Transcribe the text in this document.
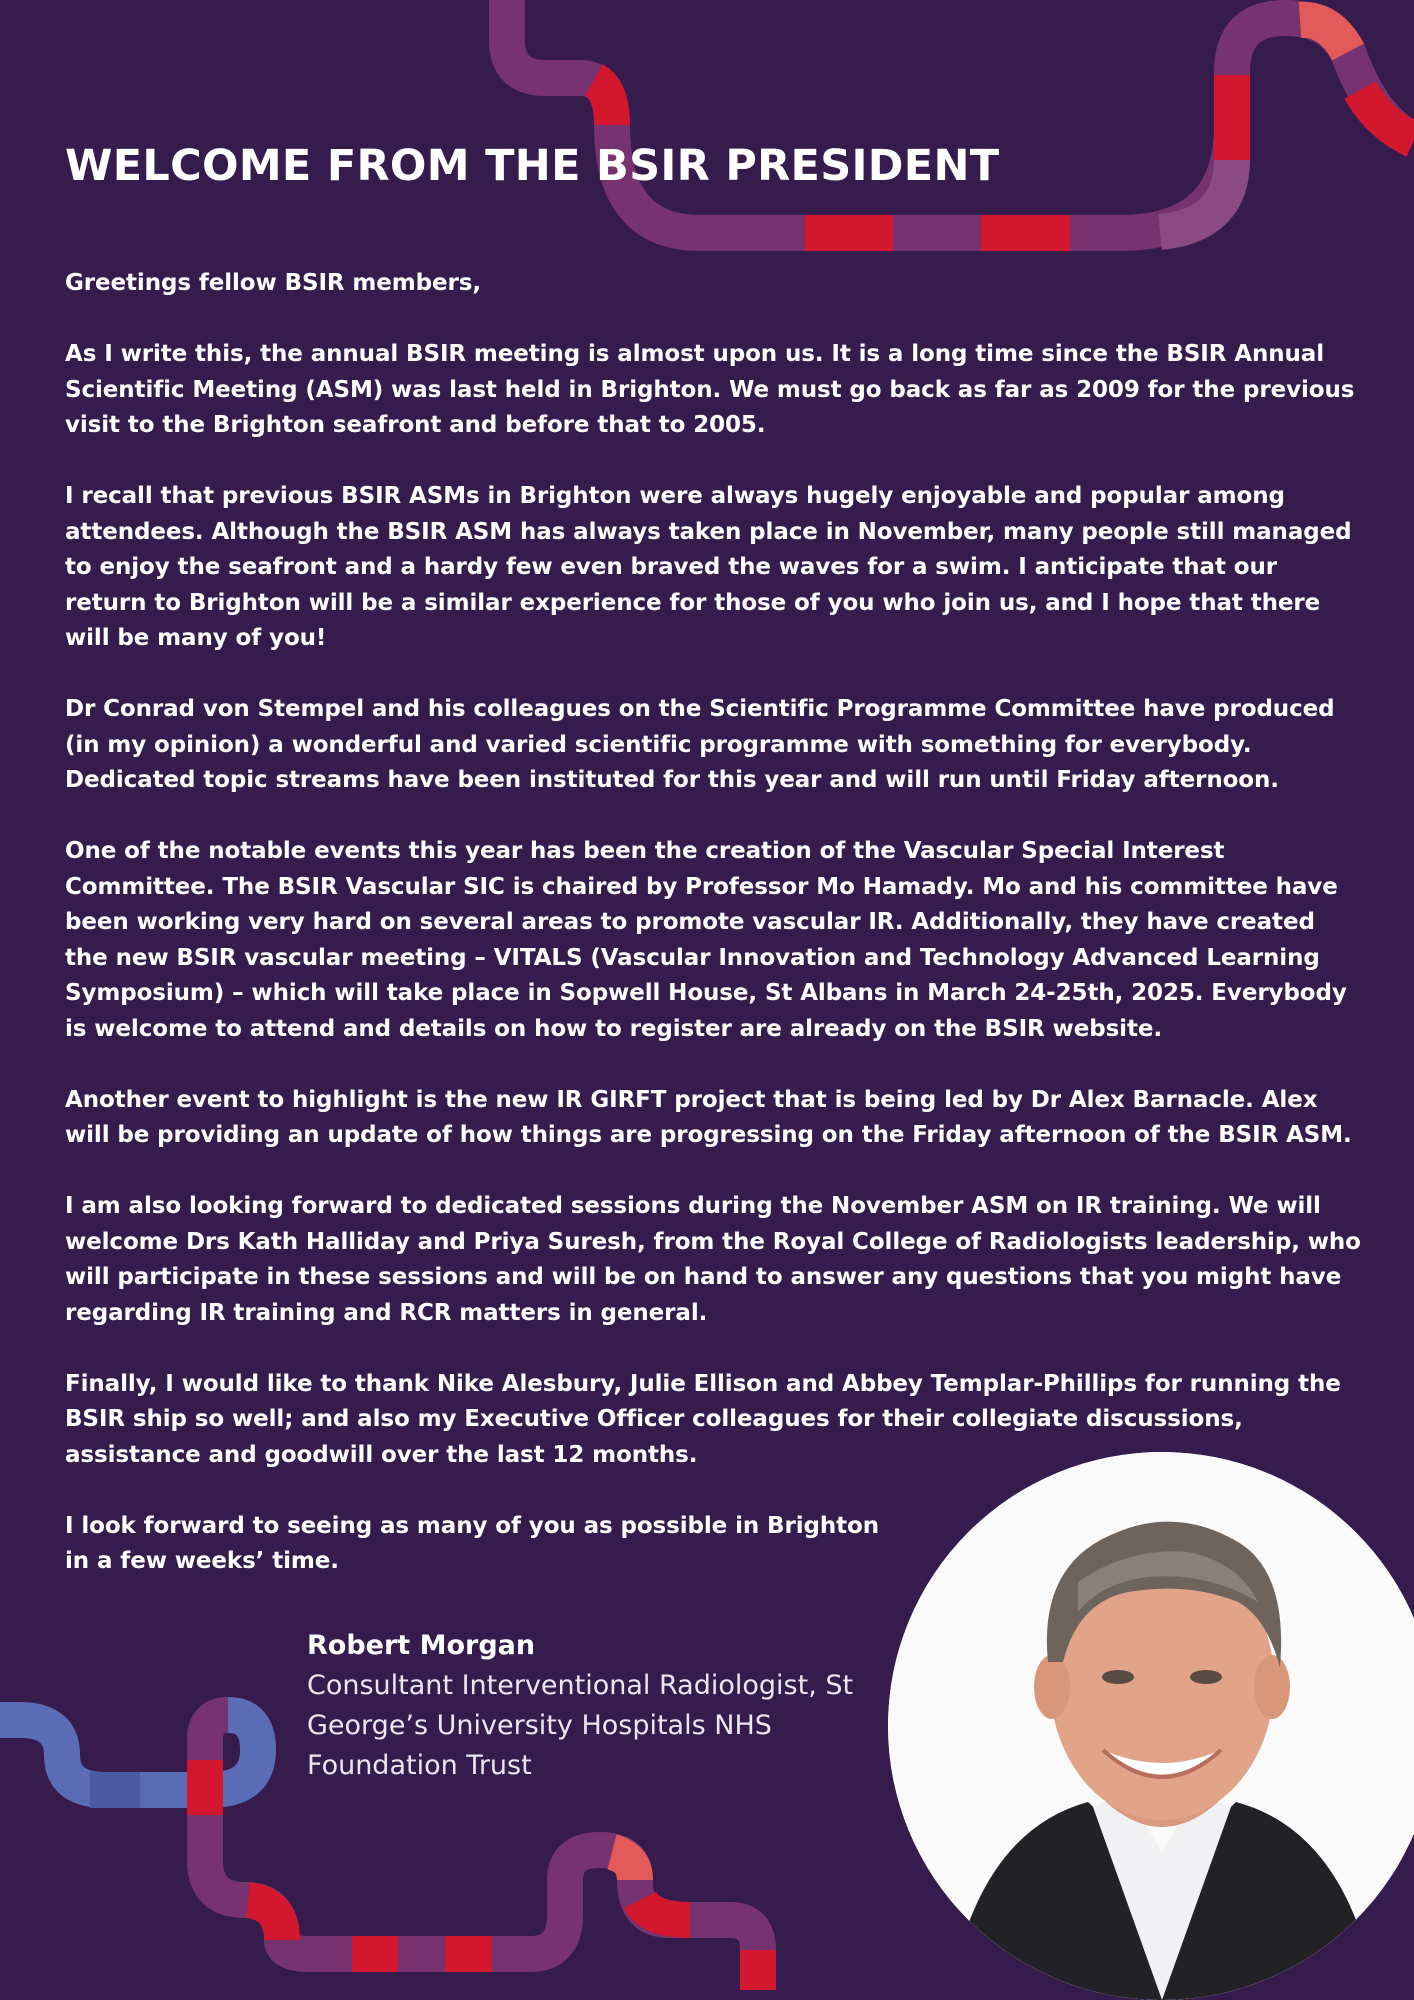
WELCOME FROM THE BSIR PRESIDENT

Greetings fellow BSIR members,

As I write this, the annual BSIR meeting is almost upon us. It is a long time since the BSIR Annual Scientific Meeting (ASM) was last held in Brighton. We must go back as far as 2009 for the previous visit to the Brighton seafront and before that to 2005.

I recall that previous BSIR ASMs in Brighton were always hugely enjoyable and popular among attendees. Although the BSIR ASM has always taken place in November, many people still managed to enjoy the seafront and a hardy few even braved the waves for a swim. I anticipate that our return to Brighton will be a similar experience for those of you who join us, and I hope that there will be many of you!

Dr Conrad von Stempel and his colleagues on the Scientific Programme Committee have produced (in my opinion) a wonderful and varied scientific programme with something for everybody. Dedicated topic streams have been instituted for this year and will run until Friday afternoon.

One of the notable events this year has been the creation of the Vascular Special Interest Committee. The BSIR Vascular SIC is chaired by Professor Mo Hamady. Mo and his committee have been working very hard on several areas to promote vascular IR. Additionally, they have created the new BSIR vascular meeting – VITALS (Vascular Innovation and Technology Advanced Learning Symposium) – which will take place in Sopwell House, St Albans in March 24-25th, 2025. Everybody is welcome to attend and details on how to register are already on the BSIR website.

Another event to highlight is the new IR GIRFT project that is being led by Dr Alex Barnacle. Alex will be providing an update of how things are progressing on the Friday afternoon of the BSIR ASM.

I am also looking forward to dedicated sessions during the November ASM on IR training. We will welcome Drs Kath Halliday and Priya Suresh, from the Royal College of Radiologists leadership, who will participate in these sessions and will be on hand to answer any questions that you might have regarding IR training and RCR matters in general.

Finally, I would like to thank Nike Alesbury, Julie Ellison and Abbey Templar-Phillips for running the BSIR ship so well; and also my Executive Officer colleagues for their collegiate discussions, assistance and goodwill over the last 12 months.

I look forward to seeing as many of you as possible in Brighton in a few weeks’ time.

Robert Morgan
Consultant Interventional Radiologist, St George’s University Hospitals NHS Foundation Trust
